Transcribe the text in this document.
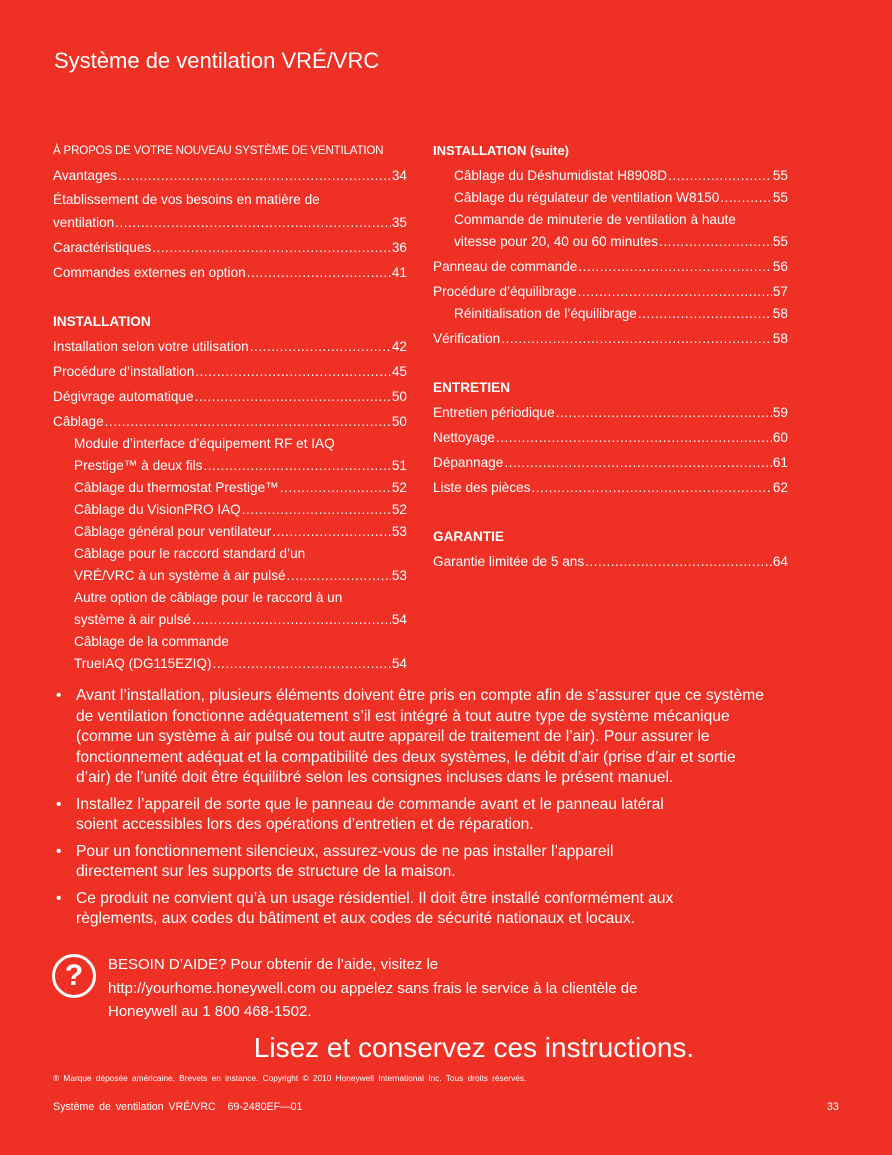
Système de ventilation VRÉ/VRC
À PROPOS DE VOTRE NOUVEAU SYSTÈME DE VENTILATION
Avantages .....	34
Établissement de vos besoins en matière de
ventilation .....	35
Caractéristiques .....	36
Commandes externes en option .....	41
INSTALLATION
Installation selon votre utilisation .....	42
Procédure d’installation .....	45
Dégivrage automatique .....	50
Câblage .....	50
Module d’interface d’équipement RF et IAQ
Prestige™ à deux fils .....	51
Câblage du thermostat Prestige™ .....	52
Câblage du VisionPRO IAQ .....	52
Câblage général pour ventilateur .....	53
Câblage pour le raccord standard d’un
VRÉ/VRC à un système à air pulsé .....	53
Autre option de câblage pour le raccord à un
système à air pulsé .....	54
Câblage de la commande
TrueIAQ (DG115EZIQ) .....	54
INSTALLATION (suite)
Câblage du Déshumidistat H8908D .....	55
Câblage du régulateur de ventilation W8150 .....	55
Commande de minuterie de ventilation à haute
vitesse pour 20, 40 ou 60 minutes .....	55
Panneau de commande .....	56
Procédure d’équilibrage .....	57
Réinitialisation de l’équilibrage .....	58
Vérification .....	58
ENTRETIEN
Entretien périodique .....	59
Nettoyage .....	60
Dépannage .....	61
Liste des pièces .....	62
GARANTIE
Garantie limitée de 5 ans .....	64
• Avant l’installation, plusieurs éléments doivent être pris en compte afin de s’assurer que ce système
de ventilation fonctionne adéquatement s’il est intégré à tout autre type de système mécanique
(comme un système à air pulsé ou tout autre appareil de traitement de l’air). Pour assurer le
fonctionnement adéquat et la compatibilité des deux systèmes, le débit d’air (prise d’air et sortie
d’air) de l’unité doit être équilibré selon les consignes incluses dans le présent manuel.
• Installez l’appareil de sorte que le panneau de commande avant et le panneau latéral
soient accessibles lors des opérations d’entretien et de réparation.
• Pour un fonctionnement silencieux, assurez-vous de ne pas installer l’appareil
directement sur les supports de structure de la maison.
• Ce produit ne convient qu’à un usage résidentiel. Il doit être installé conformément aux
règlements, aux codes du bâtiment et aux codes de sécurité nationaux et locaux.
?	BESOIN D’AIDE? Pour obtenir de l’aide, visitez le
http://yourhome.honeywell.com ou appelez sans frais le service à la clientèle de
Honeywell au 1 800 468-1502.
Lisez et conservez ces instructions.
® Marque déposée américaine. Brevets en instance. Copyright © 2010 Honeywell International Inc. Tous droits réservés.
Système de ventilation VRÉ/VRC 69-2480EF—01	33
